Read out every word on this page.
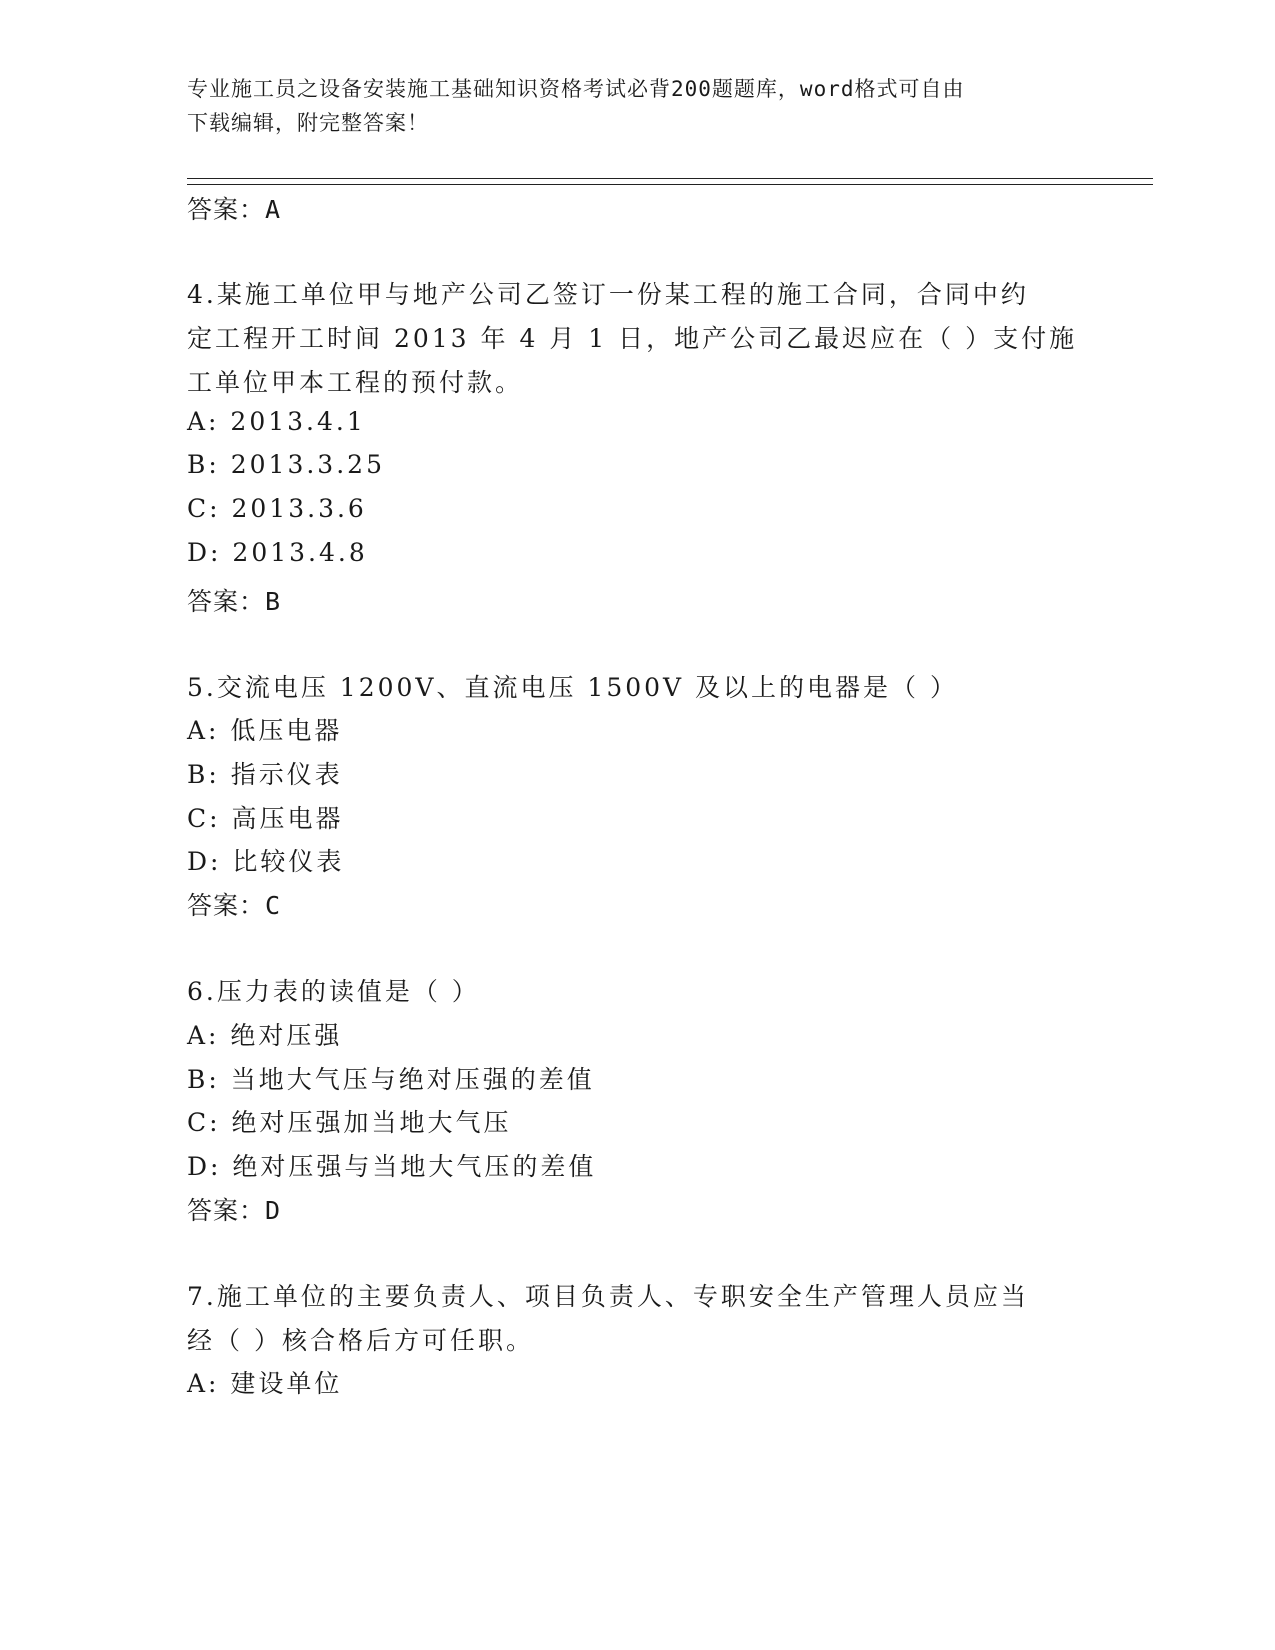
专业施工员之设备安装施工基础知识资格考试必背200题题库，word格式可自由
下载编辑，附完整答案！
答案：A
4.某施工单位甲与地产公司乙签订一份某工程的施工合同，合同中约
定工程开工时间 2013 年 4 月 1 日，地产公司乙最迟应在（ ）支付施
工单位甲本工程的预付款。
A: 2013.4.1
B: 2013.3.25
C: 2013.3.6
D: 2013.4.8
答案：B
5.交流电压 1200V、直流电压 1500V 及以上的电器是（ ）
A: 低压电器
B: 指示仪表
C: 高压电器
D: 比较仪表
答案：C
6.压力表的读值是（ ）
A: 绝对压强
B: 当地大气压与绝对压强的差值
C: 绝对压强加当地大气压
D: 绝对压强与当地大气压的差值
答案：D
7.施工单位的主要负责人、项目负责人、专职安全生产管理人员应当
经（ ）核合格后方可任职。
A: 建设单位
